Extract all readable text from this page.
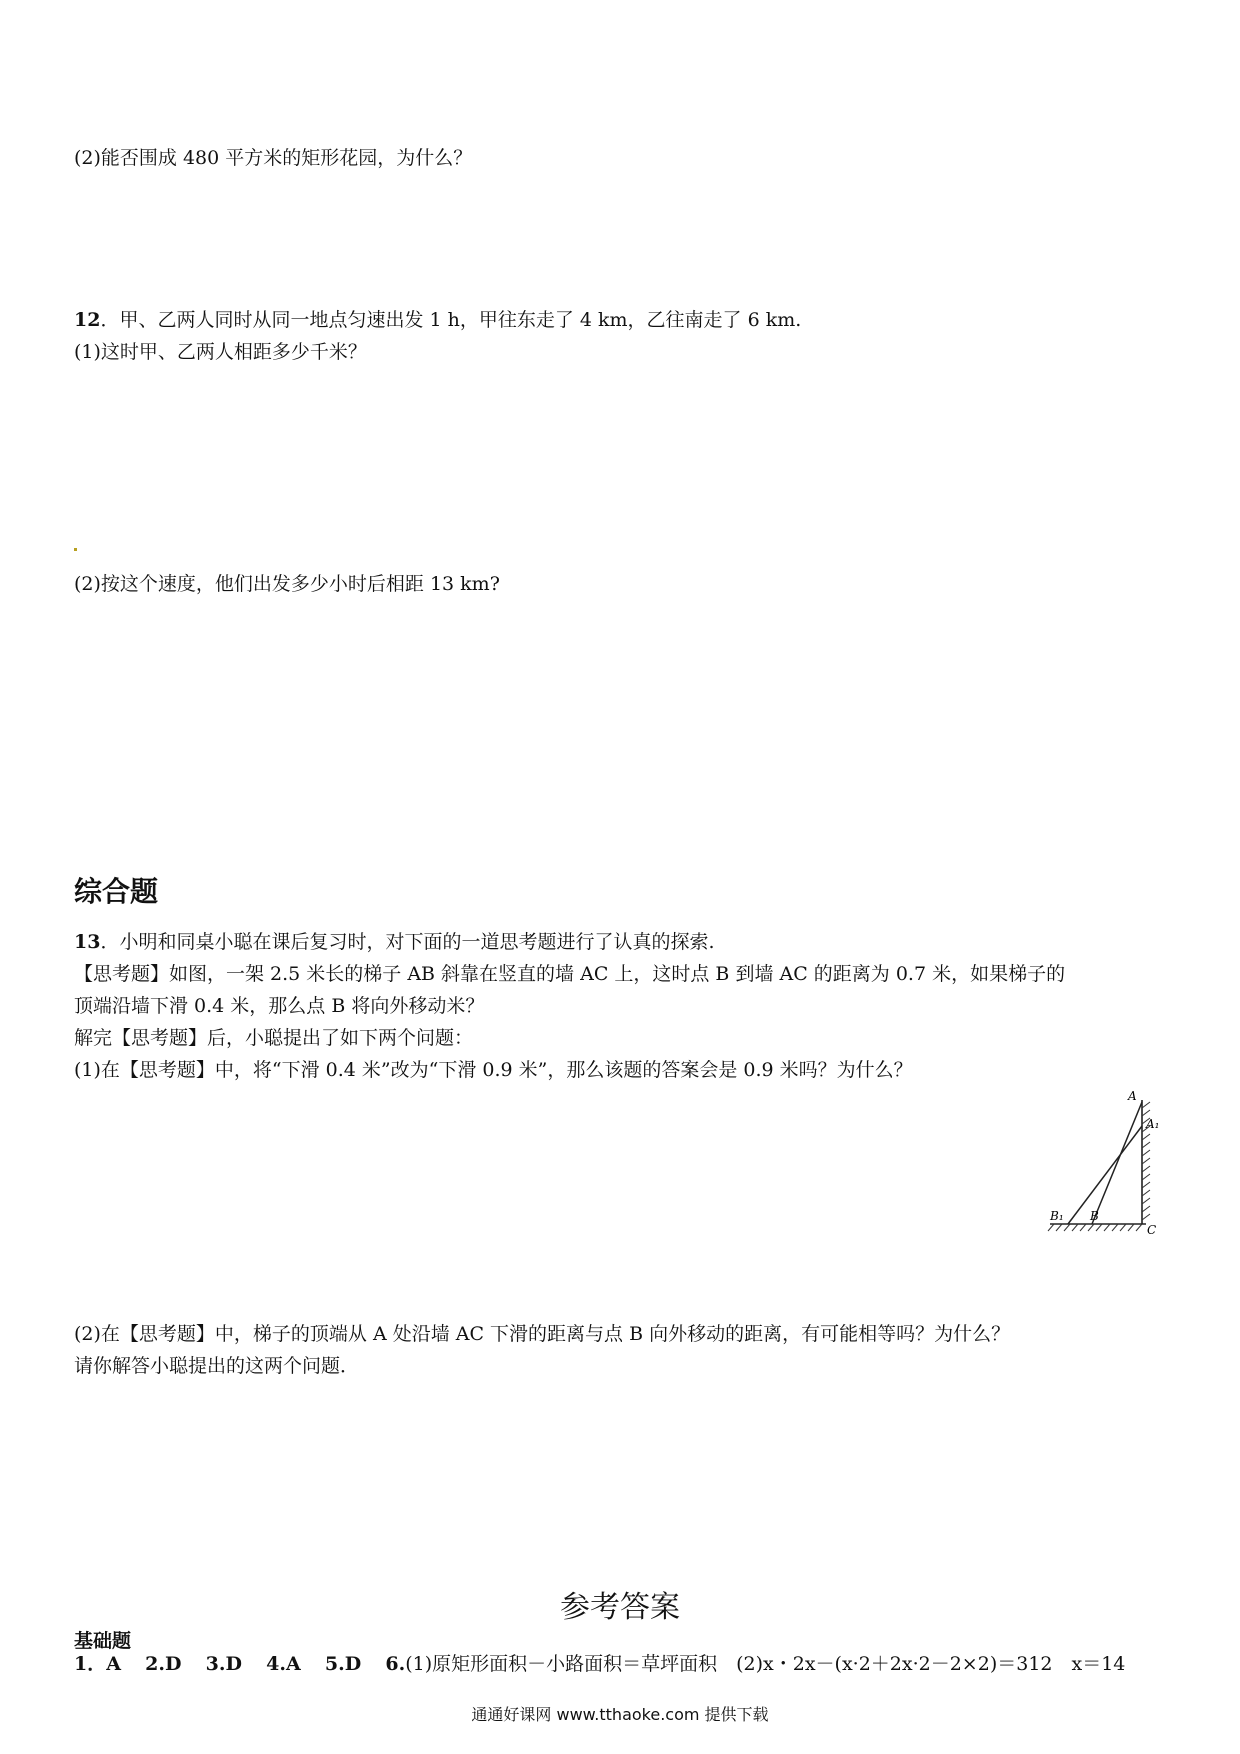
(2)能否围成 480 平方米的矩形花园，为什么？
12．甲、乙两人同时从同一地点匀速出发 1 h，甲往东走了 4 km，乙往南走了 6 km.
(1)这时甲、乙两人相距多少千米？
(2)按这个速度，他们出发多少小时后相距 13 km?
综合题
13．小明和同桌小聪在课后复习时，对下面的一道思考题进行了认真的探索.
【思考题】如图，一架 2.5 米长的梯子 AB 斜靠在竖直的墙 AC 上，这时点 B 到墙 AC 的距离为 0.7 米，如果梯子的
顶端沿墙下滑 0.4 米，那么点 B 将向外移动米？
解完【思考题】后，小聪提出了如下两个问题：
(1)在【思考题】中，将“下滑 0.4 米”改为“下滑 0.9 米”，那么该题的答案会是 0.9 米吗？为什么？
A
A₁
B₁ B
C
(2)在【思考题】中，梯子的顶端从 A 处沿墙 AC 下滑的距离与点 B 向外移动的距离，有可能相等吗？为什么？
请你解答小聪提出的这两个问题．
参考答案
基础题
1．A 2.D 3.D 4.A 5.D 6.(1)原矩形面积－小路面积＝草坪面积　(2)x・2x－(x·2＋2x·2－2×2)＝312　x＝14
通通好课网 www.tthaoke.com 提供下载
